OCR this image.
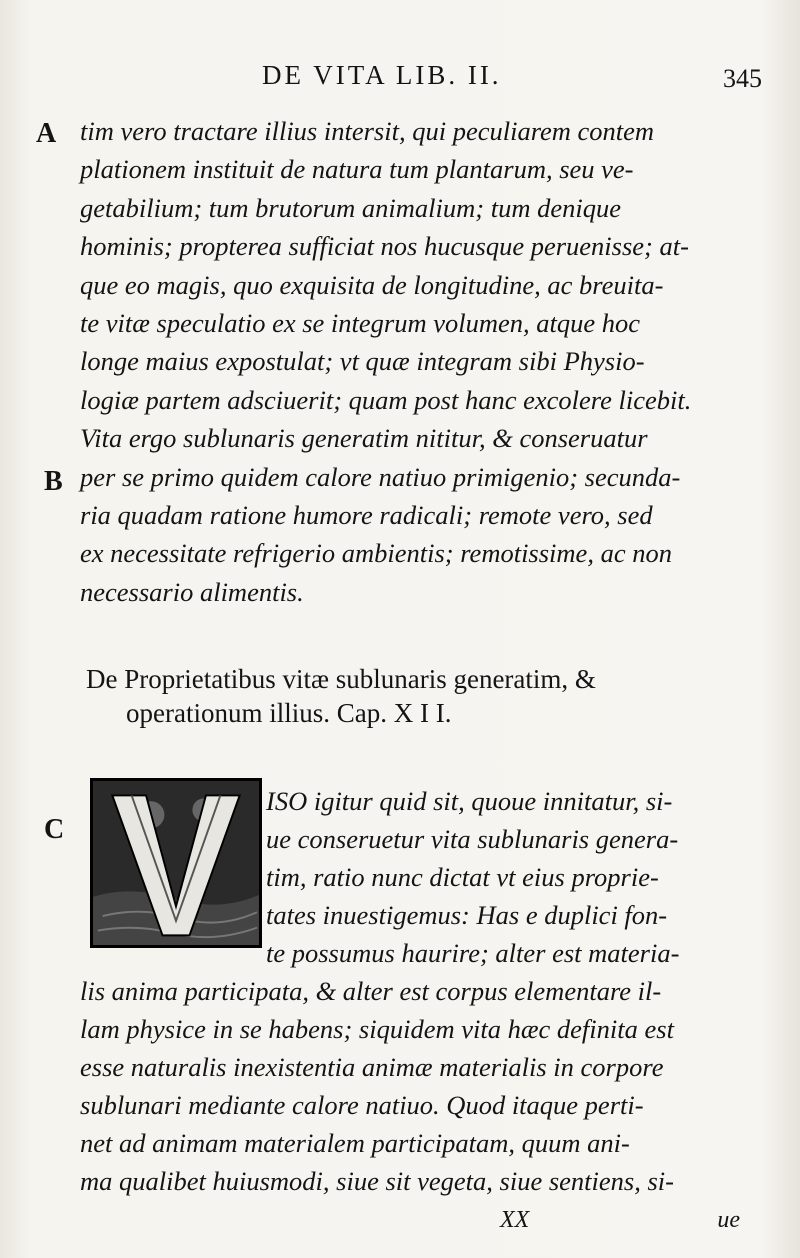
DE VITA LIB. II.	345
A
B
C
tim vero tractare illius intersit, qui peculiarem contem
plationem instituit de natura tum plantarum, seu ve-
getabilium; tum brutorum animalium; tum denique
hominis; propterea sufficiat nos hucusque peruenisse; at-
que eo magis, quo exquisita de longitudine, ac breuita-
te vitæ speculatio ex se integrum volumen, atque hoc
longe maius expostulat; vt quæ integram sibi Physio-
logiæ partem adsciuerit; quam post hanc excolere licebit.
Vita ergo sublunaris generatim nititur, & conseruatur
per se primo quidem calore natiuo primigenio; secunda-
ria quadam ratione humore radicali; remote vero, sed
ex necessitate refrigerio ambientis; remotissime, ac non
necessario alimentis.
De Proprietatibus vitæ sublunaris generatim, &
operationum illius. Cap. X I I.
ISO igitur quid sit, quoue innitatur, si-
ue conseruetur vita sublunaris genera-
tim, ratio nunc dictat vt eius proprie-
tates inuestigemus: Has e duplici fon-
te possumus haurire; alter est materia-
lis anima participata, & alter est corpus elementare il-
lam physice in se habens; siquidem vita hæc definita est
esse naturalis inexistentia animæ materialis in corpore
sublunari mediante calore natiuo. Quod itaque perti-
net ad animam materialem participatam, quum ani-
ma qualibet huiusmodi, siue sit vegeta, siue sentiens, si-
XX	ue
